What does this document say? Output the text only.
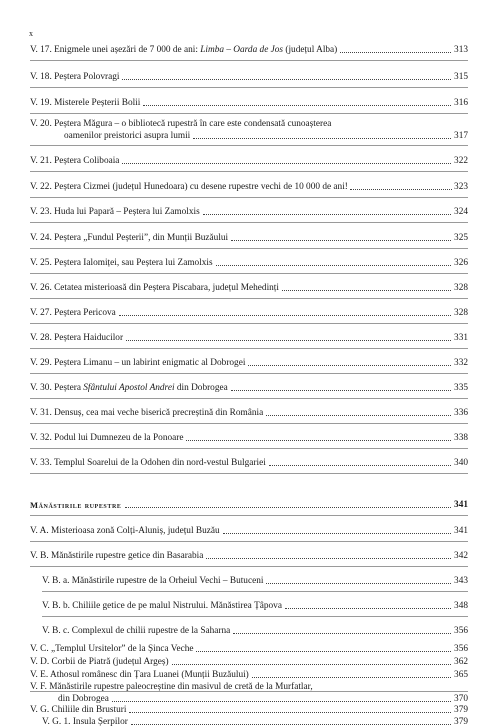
x
V. 17. Enigmele unei așezări de 7 000 de ani: Limba – Oarda de Jos (județul Alba)	313
V. 18. Peștera Polovragi	315
V. 19. Misterele Peșterii Bolii	316
V. 20. Peștera Măgura – o bibliotecă rupestră în care este condensată cunoașterea
oamenilor preistorici asupra lumii	317
V. 21. Peștera Coliboaia	322
V. 22. Peștera Cizmei (județul Hunedoara) cu desene rupestre vechi de 10 000 de ani!	323
V. 23. Huda lui Papară – Peștera lui Zamolxis	324
V. 24. Peștera „Fundul Peșterii”, din Munții Buzăului	325
V. 25. Peștera Ialomiței, sau Peștera lui Zamolxis	326
V. 26. Cetatea misterioasă din Peștera Piscabara, județul Mehedinți	328
V. 27. Peștera Pericova	328
V. 28. Peștera Haiducilor	331
V. 29. Peștera Limanu – un labirint enigmatic al Dobrogei	332
V. 30. Peștera Sfântului Apostol Andrei din Dobrogea	335
V. 31. Densuș, cea mai veche biserică precreștină din România	336
V. 32. Podul lui Dumnezeu de la Ponoare	338
V. 33. Templul Soarelui de la Odohen din nord-vestul Bulgariei	340
Mănăstirile rupestre	341
V. A. Misterioasa zonă Colți-Aluniș, județul Buzău	341
V. B. Mănăstirile rupestre getice din Basarabia	342
V. B. a. Mănăstirile rupestre de la Orheiul Vechi – Butuceni	343
V. B. b. Chiliile getice de pe malul Nistrului. Mănăstirea Țâpova	348
V. B. c. Complexul de chilii rupestre de la Saharna	356
V. C. „Templul Ursitelor” de la Șinca Veche	356
V. D. Corbii de Piatră (județul Argeș)	362
V. E. Athosul românesc din Țara Luanei (Munții Buzăului)	365
V. F. Mănăstirile rupestre paleocreștine din masivul de cretă de la Murfatlar,
din Dobrogea	370
V. G. Chiliile din Brusturi	379
V. G. 1. Insula Șerpilor	379
